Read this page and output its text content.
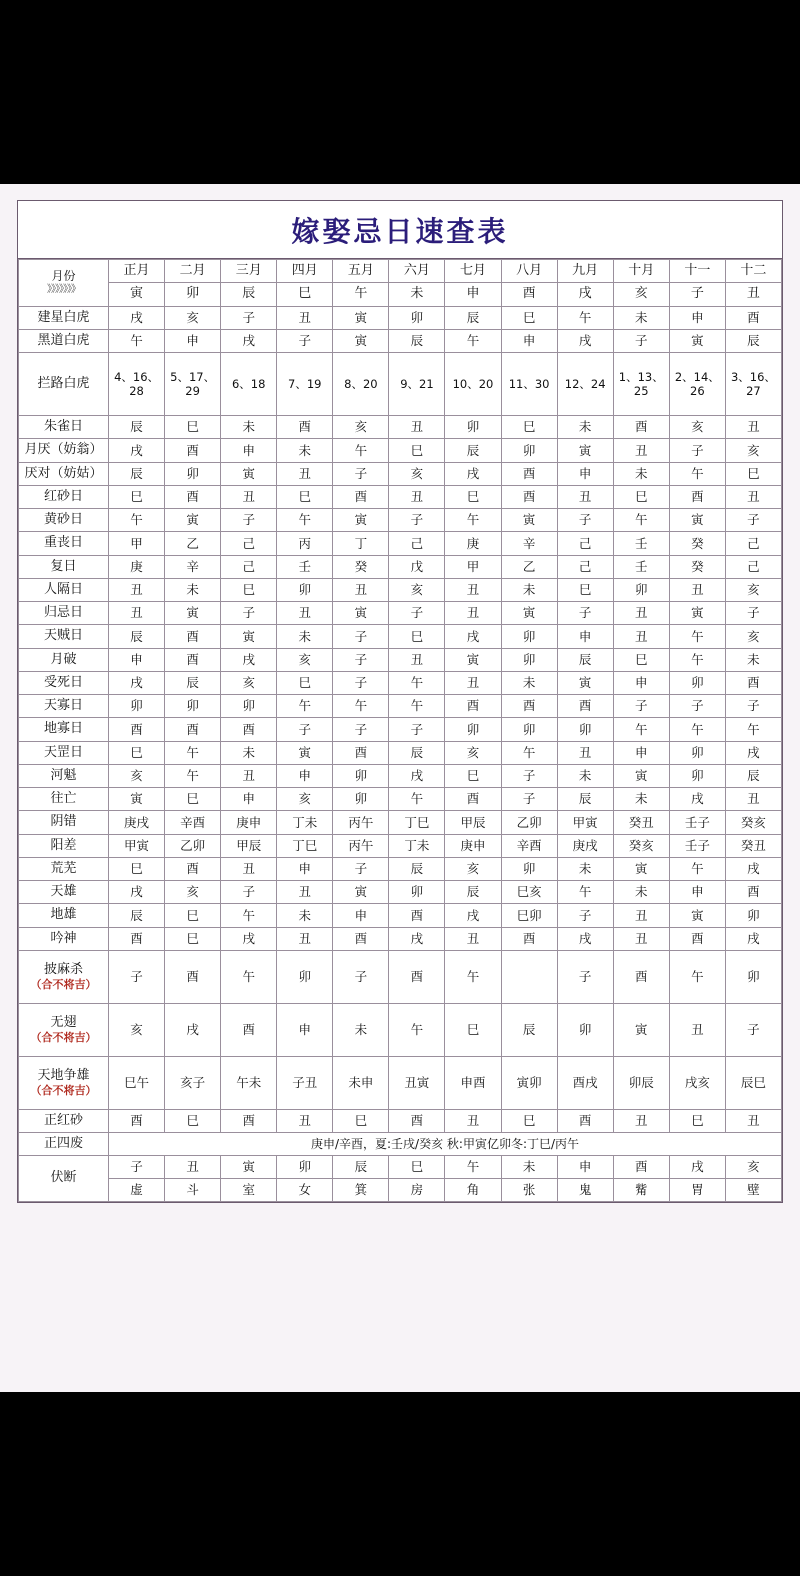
嫁娶忌日速查表
月份
》》》》》》》	正月	二月	三月	四月	五月	六月	七月	八月	九月	十月	十一	十二
	寅	卯	辰	巳	午	未	申	酉	戌	亥	子	丑
建星白虎	戌	亥	子	丑	寅	卯	辰	巳	午	未	申	酉
黑道白虎	午	申	戌	子	寅	辰	午	申	戌	子	寅	辰
拦路白虎	4、16、28	5、17、29	6、18	7、19	8、20	9、21	10、20	11、30	12、24	1、13、25	2、14、26	3、16、27
朱雀日	辰	巳	未	酉	亥	丑	卯	巳	未	酉	亥	丑
月厌（妨翁）	戌	酉	申	未	午	巳	辰	卯	寅	丑	子	亥
厌对（妨姑）	辰	卯	寅	丑	子	亥	戌	酉	申	未	午	巳
红砂日	巳	酉	丑	巳	酉	丑	巳	酉	丑	巳	酉	丑
黄砂日	午	寅	子	午	寅	子	午	寅	子	午	寅	子
重丧日	甲	乙	己	丙	丁	己	庚	辛	己	壬	癸	己
复日	庚	辛	己	壬	癸	戊	甲	乙	己	壬	癸	己
人隔日	丑	未	巳	卯	丑	亥	丑	未	巳	卯	丑	亥
归忌日	丑	寅	子	丑	寅	子	丑	寅	子	丑	寅	子
天贼日	辰	酉	寅	未	子	巳	戌	卯	申	丑	午	亥
月破	申	酉	戌	亥	子	丑	寅	卯	辰	巳	午	未
受死日	戌	辰	亥	巳	子	午	丑	未	寅	申	卯	酉
天寡日	卯	卯	卯	午	午	午	酉	酉	酉	子	子	子
地寡日	酉	酉	酉	子	子	子	卯	卯	卯	午	午	午
天罡日	巳	午	未	寅	酉	辰	亥	午	丑	申	卯	戌
河魁	亥	午	丑	申	卯	戌	巳	子	未	寅	卯	辰
往亡	寅	巳	申	亥	卯	午	酉	子	辰	未	戌	丑
阴错	庚戌	辛酉	庚申	丁未	丙午	丁巳	甲辰	乙卯	甲寅	癸丑	壬子	癸亥
阳差	甲寅	乙卯	甲辰	丁巳	丙午	丁未	庚申	辛酉	庚戌	癸亥	壬子	癸丑
荒芜	巳	酉	丑	申	子	辰	亥	卯	未	寅	午	戌
天雄	戌	亥	子	丑	寅	卯	辰	巳亥	午	未	申	酉
地雄	辰	巳	午	未	申	酉	戌	巳卯	子	丑	寅	卯
吟神	酉	巳	戌	丑	酉	戌	丑	酉	戌	丑	酉	戌
披麻杀
（合不将吉）	子	酉	午	卯	子	酉	午		子	酉	午	卯
无翅
（合不将吉）	亥	戌	酉	申	未	午	巳	辰	卯	寅	丑	子
天地争雄
（合不将吉）	巳午	亥子	午未	子丑	未申	丑寅	申酉	寅卯	酉戌	卯辰	戌亥	辰巳
正红砂	酉	巳	酉	丑	巳	酉	丑	巳	酉	丑	巳	丑
正四废	庚申/辛酉，夏:壬戌/癸亥 秋:甲寅亿卯冬:丁巳/丙午											
伏断	子	丑	寅	卯	辰	巳	午	未	申	酉	戌	亥
	虚	斗	室	女	箕	房	角	张	鬼	觜	胃	壁
